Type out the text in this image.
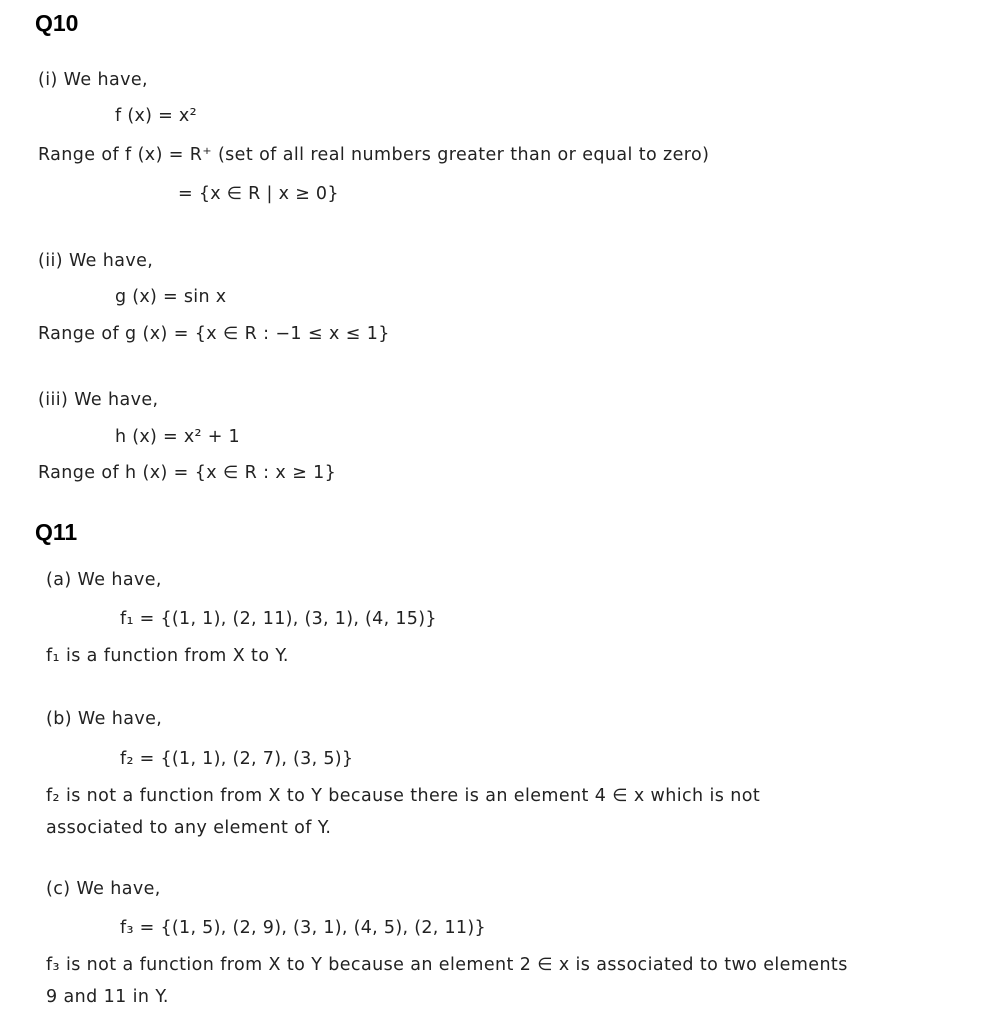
Q10
(i) We have,
f (x) = x²
Range of f (x) = R⁺ (set of all real numbers greater than or equal to zero)
= {x ∈ R | x ≥ 0}
(ii) We have,
g (x) = sin x
Range of g (x) = {x ∈ R : −1 ≤ x ≤ 1}
(iii) We have,
h (x) = x² + 1
Range of h (x) = {x ∈ R : x ≥ 1}
Q11
(a) We have,
f₁ = {(1, 1), (2, 11), (3, 1), (4, 15)}
f₁ is a function from X to Y.
(b) We have,
f₂ = {(1, 1), (2, 7), (3, 5)}
f₂ is not a function from X to Y because there is an element 4 ∈ x which is not
associated to any element of Y.
(c) We have,
f₃ = {(1, 5), (2, 9), (3, 1), (4, 5), (2, 11)}
f₃ is not a function from X to Y because an element 2 ∈ x is associated to two elements
9 and 11 in Y.
